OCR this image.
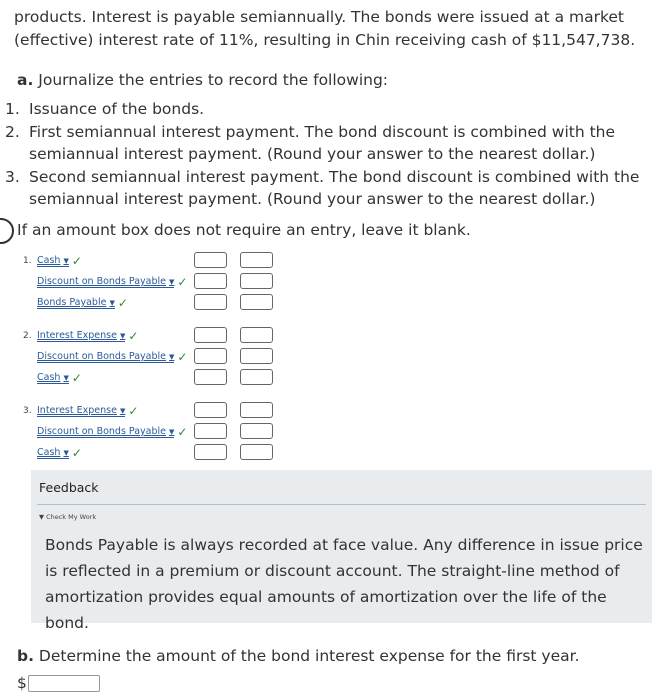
products. Interest is payable semiannually. The bonds were issued at a market (effective) interest rate of 11%, resulting in Chin receiving cash of $11,547,738.
a. Journalize the entries to record the following:
1. Issuance of the bonds.
2. First semiannual interest payment. The bond discount is combined with the semiannual interest payment. (Round your answer to the nearest dollar.)
3. Second semiannual interest payment. The bond discount is combined with the semiannual interest payment. (Round your answer to the nearest dollar.)
If an amount box does not require an entry, leave it blank.
1. Cash ▼ ✓
Discount on Bonds Payable ▼ ✓
Bonds Payable ▼ ✓
2. Interest Expense ▼ ✓
Discount on Bonds Payable ▼ ✓
Cash ▼ ✓
3. Interest Expense ▼ ✓
Discount on Bonds Payable ▼ ✓
Cash ▼ ✓
Feedback
▼ Check My Work
Bonds Payable is always recorded at face value. Any difference in issue price is reflected in a premium or discount account. The straight-line method of amortization provides equal amounts of amortization over the life of the bond.
b. Determine the amount of the bond interest expense for the first year.
$
